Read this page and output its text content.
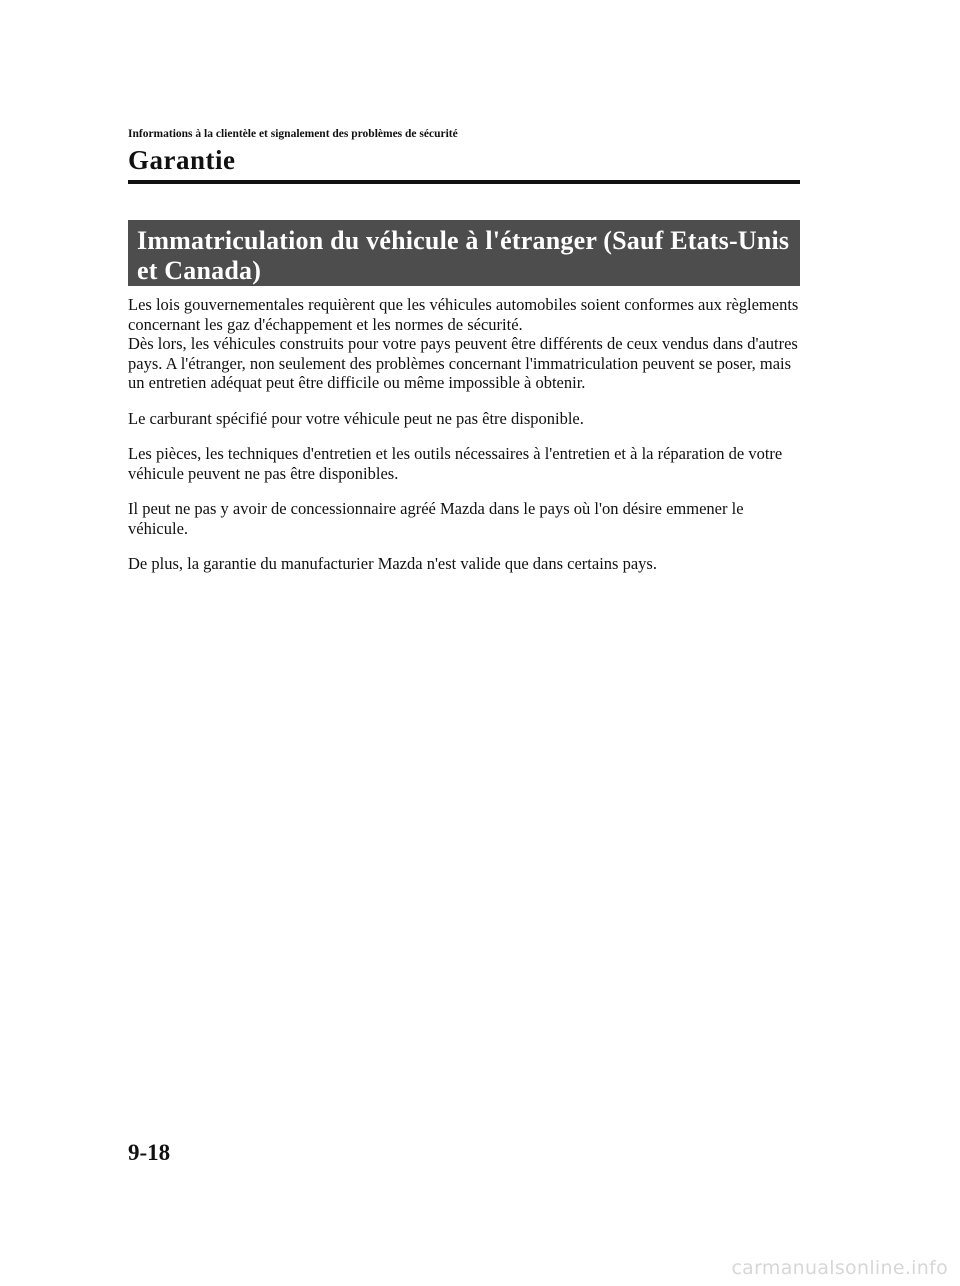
Informations à la clientèle et signalement des problèmes de sécurité

Garantie
Immatriculation du véhicule à l'étranger (Sauf Etats-Unis et Canada)

Les lois gouvernementales requièrent que les véhicules automobiles soient conformes aux règlements concernant les gaz d'échappement et les normes de sécurité.

Dès lors, les véhicules construits pour votre pays peuvent être différents de ceux vendus dans d'autres pays. A l'étranger, non seulement des problèmes concernant l'immatriculation peuvent se poser, mais un entretien adéquat peut être difficile ou même impossible à obtenir.

Le carburant spécifié pour votre véhicule peut ne pas être disponible.

Les pièces, les techniques d'entretien et les outils nécessaires à l'entretien et à la réparation de votre véhicule peuvent ne pas être disponibles.

Il peut ne pas y avoir de concessionnaire agréé Mazda dans le pays où l'on désire emmener le véhicule.

De plus, la garantie du manufacturier Mazda n'est valide que dans certains pays.

9-18

carmanualsonline.info
